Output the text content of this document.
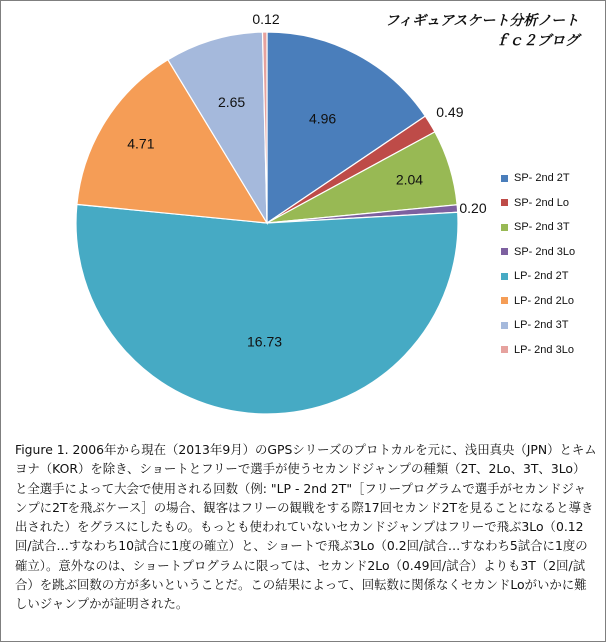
フィギュアスケート分析ノート
ｆｃ２ブログ
4.96	0.49
2.04
0.20
16.73
4.71
2.65
0.12
SP- 2nd 2T
SP- 2nd Lo
SP- 2nd 3T
SP- 2nd 3Lo
LP- 2nd 2T
LP- 2nd 2Lo
LP- 2nd 3T
LP- 2nd 3Lo
Figure 1. 2006年から現在（2013年9月）のGPSシリーズのプロトカルを元に、浅田真央（JPN）とキムヨナ（KOR）を除き、ショートとフリーで選手が使うセカンドジャンプの種類（2T、2Lo、3T、3Lo）と全選手によって大会で使用される回数（例: "LP - 2nd 2T"［フリープログラムで選手がセカンドジャンプに2Tを飛ぶケース］の場合、観客はフリーの観戦をする際17回セカンド2Tを見ることになると導き出された）をグラスにしたもの。もっとも使われていないセカンドジャンプはフリーで飛ぶ3Lo（0.12回/試合…すなわち10試合に1度の確立）と、ショートで飛ぶ3Lo（0.2回/試合…すなわち5試合に1度の確立）。意外なのは、ショートプログラムに限っては、セカンド2Lo（0.49回/試合）よりも3T（2回/試合）を跳ぶ回数の方が多いということだ。この結果によって、回転数に関係なくセカンドLoがいかに難しいジャンプかが証明された。
